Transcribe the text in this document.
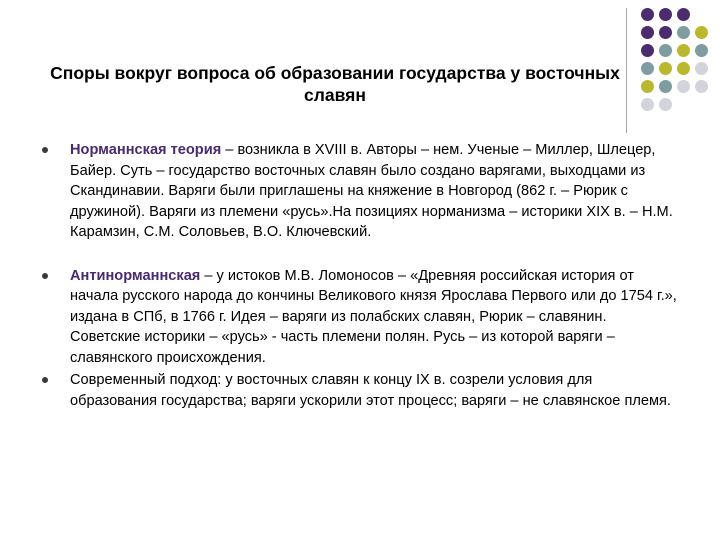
Споры вокруг вопроса об образовании государства у восточных славян
Норманнская теория – возникла в XVIII в. Авторы – нем. Ученые – Миллер, Шлецер, Байер. Суть – государство восточных славян было создано варягами, выходцами из Скандинавии. Варяги были приглашены на княжение в Новгород (862 г. – Рюрик с дружиной). Варяги из племени «русь».На позициях норманизма – историки XIX в. – Н.М. Карамзин, С.М. Соловьев, В.О. Ключевский.
Антинорманнская – у истоков М.В. Ломоносов – «Древняя российская история от начала русского народа до кончины Великового князя Ярослава Первого или до 1754 г.», издана в СПб, в 1766 г. Идея – варяги из полабских славян, Рюрик – славянин. Советские историки – «русь» - часть племени полян. Русь – из которой варяги – славянского происхождения.
Современный подход: у восточных славян к концу IX в. созрели условия для образования государства; варяги ускорили этот процесс; варяги – не славянское племя.
